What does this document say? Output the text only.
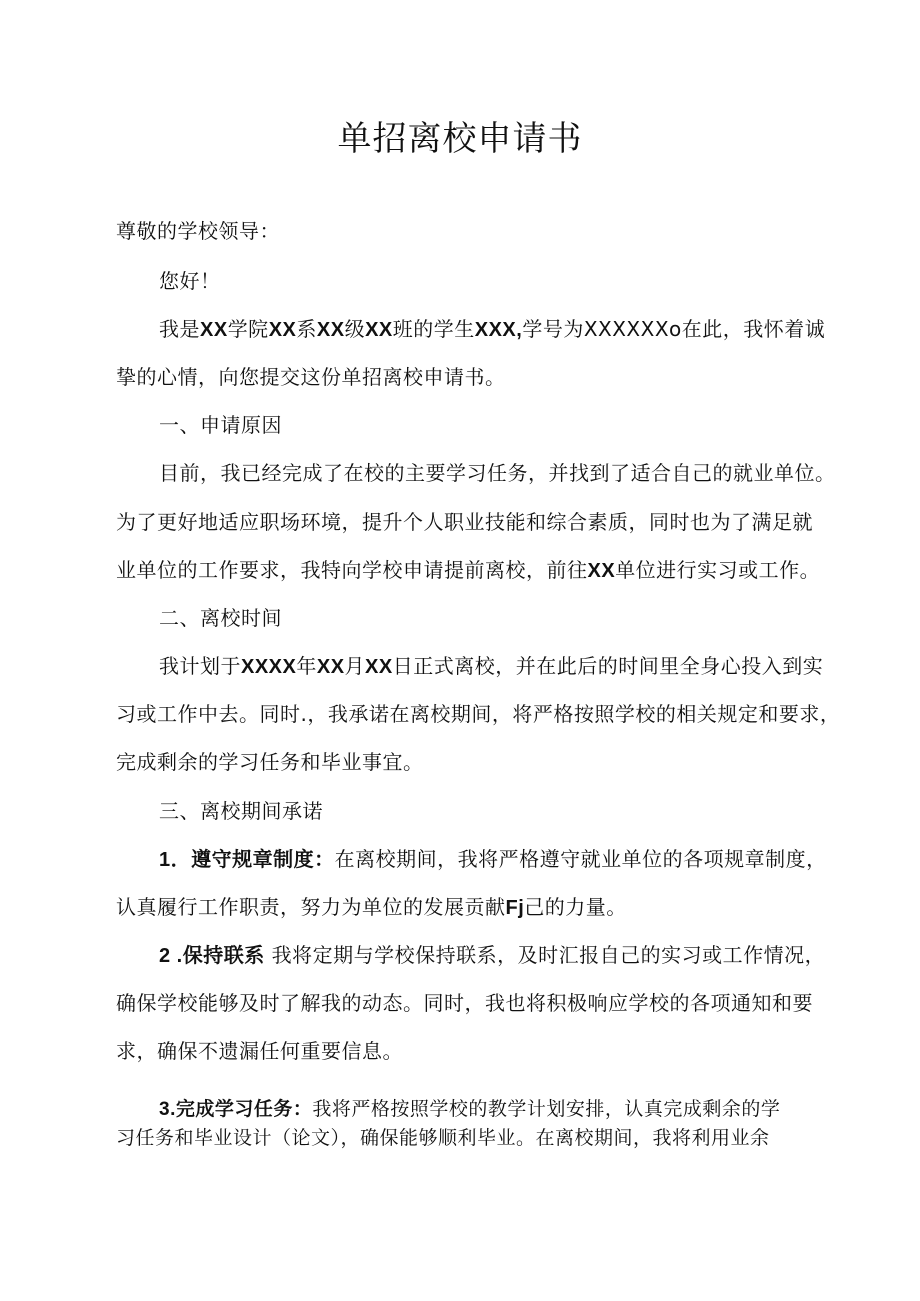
单招离校申请书
尊敬的学校领导：
您好！
我是XX学院XX系XX级XX班的学生XXX,学号为XXXXXXo在此，我怀着诚
挚的心情，向您提交这份单招离校申请书。
一、申请原因
目前，我已经完成了在校的主要学习任务，并找到了适合自己的就业单位。
为了更好地适应职场环境，提升个人职业技能和综合素质，同时也为了满足就
业单位的工作要求，我特向学校申请提前离校，前往XX单位进行实习或工作。
二、离校时间
我计划于XXXX年XX月XX日正式离校，并在此后的时间里全身心投入到实
习或工作中去。同时.，我承诺在离校期间，将严格按照学校的相关规定和要求，
完成剩余的学习任务和毕业事宜。
三、离校期间承诺
1．遵守规章制度：在离校期间，我将严格遵守就业单位的各项规章制度，
认真履行工作职责，努力为单位的发展贡献Fj己的力量。
2 .保持联系 我将定期与学校保持联系，及时汇报自己的实习或工作情况，
确保学校能够及时了解我的动态。同时，我也将积极响应学校的各项通知和要
求，确保不遗漏任何重要信息。
3.完成学习任务：我将严格按照学校的教学计划安排，认真完成剩余的学
习任务和毕业设计（论文），确保能够顺利毕业。在离校期间，我将利用业余
